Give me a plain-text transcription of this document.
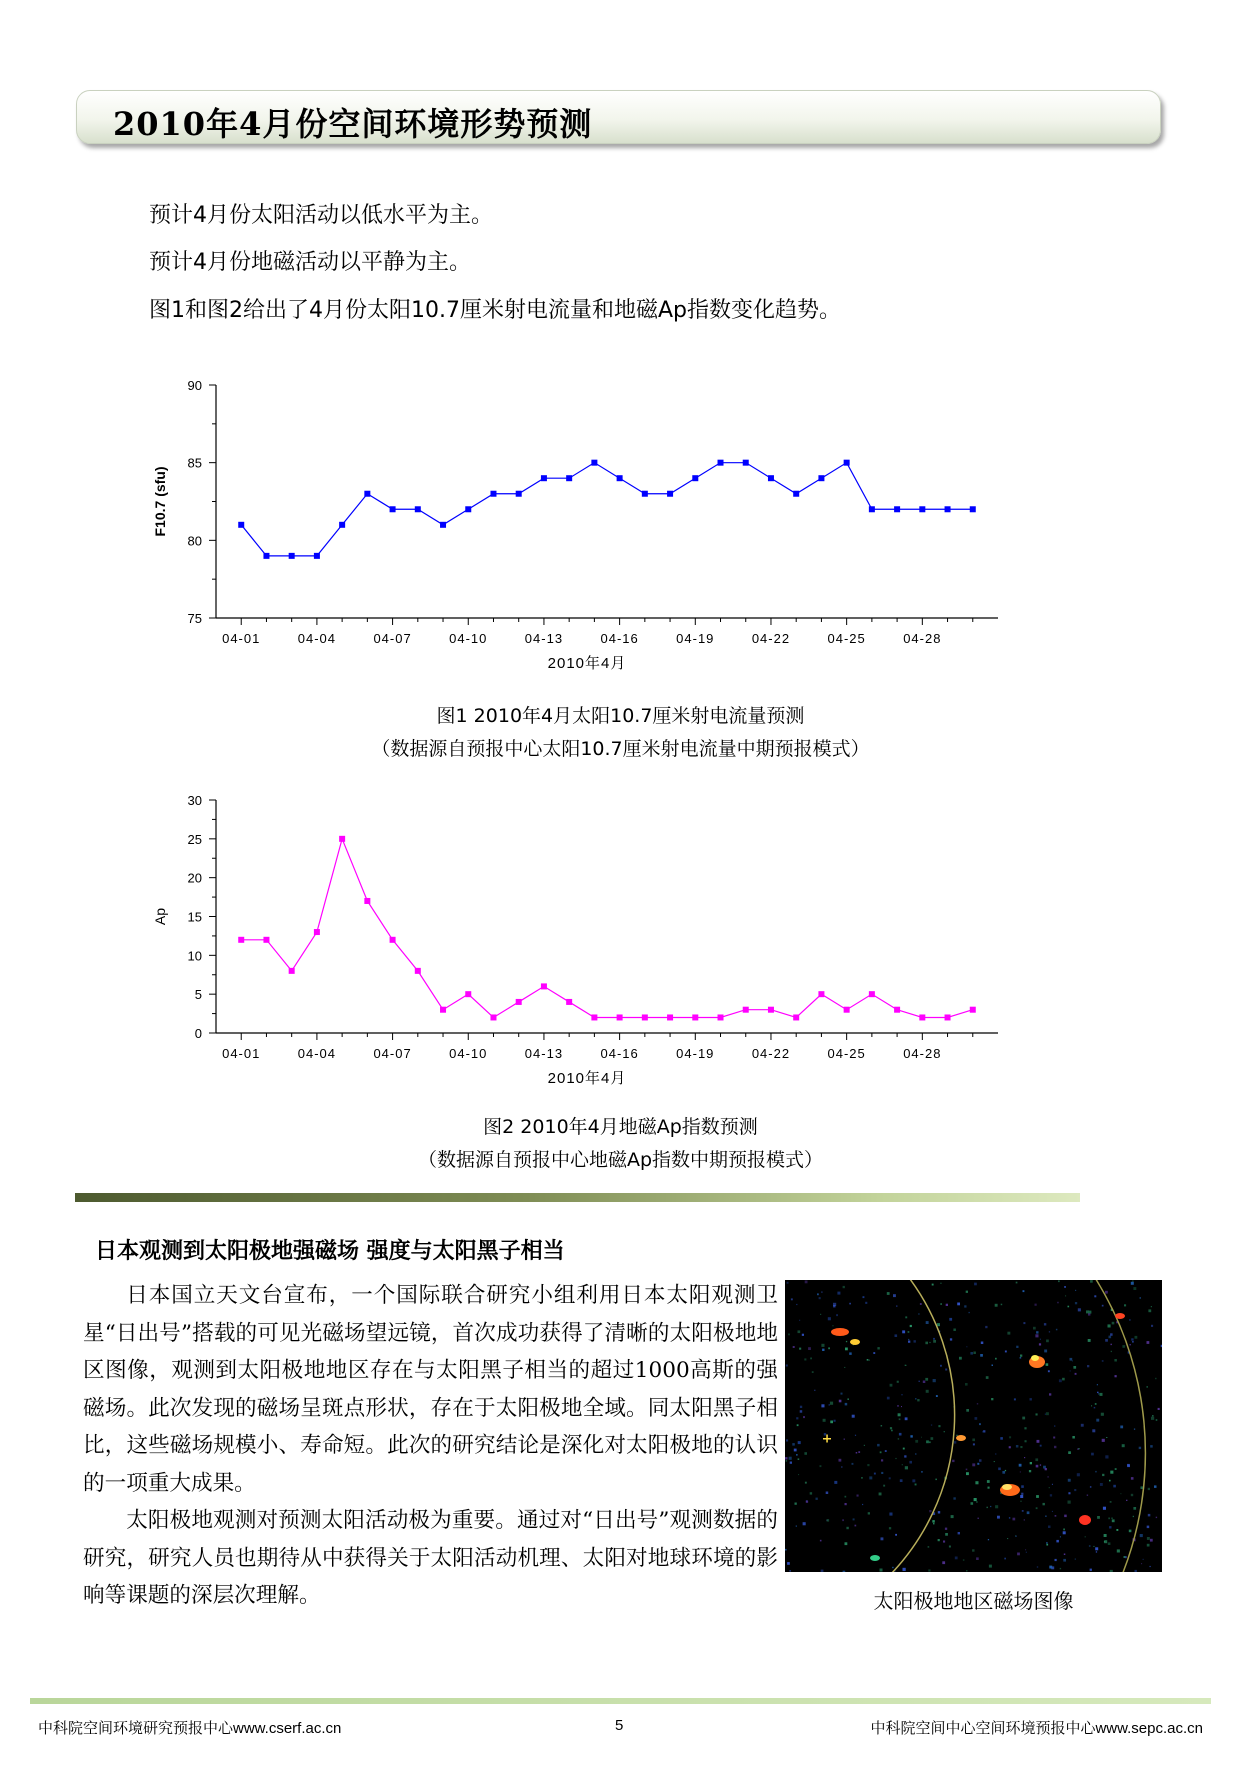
2010年4月份空间环境形势预测
预计4月份太阳活动以低水平为主。
预计4月份地磁活动以平静为主。
图1和图2给出了4月份太阳10.7厘米射电流量和地磁Ap指数变化趋势。
75
80
85
90
04-01	04-04	04-07	04-10	04-13	04-16	04-19	04-22	04-25	04-28
2010年4月
F10.7 (sfu)
图1 2010年4月太阳10.7厘米射电流量预测
（数据源自预报中心太阳10.7厘米射电流量中期预报模式）
0
5
10
15
20
25
30
04-01	04-04	04-07	04-10	04-13	04-16	04-19	04-22	04-25	04-28
2010年4月
Ap
图2 2010年4月地磁Ap指数预测
（数据源自预报中心地磁Ap指数中期预报模式）
日本观测到太阳极地强磁场 强度与太阳黑子相当

日本国立天文台宣布，一个国际联合研究小组利用日本太阳观测卫星“日出号”搭载的可见光磁场望远镜，首次成功获得了清晰的太阳极地地区图像，观测到太阳极地地区存在与太阳黑子相当的超过1000高斯的强磁场。此次发现的磁场呈斑点形状，存在于太阳极地全域。同太阳黑子相比，这些磁场规模小、寿命短。此次的研究结论是深化对太阳极地的认识的一项重大成果。

太阳极地观测对预测太阳活动极为重要。通过对“日出号”观测数据的研究，研究人员也期待从中获得关于太阳活动机理、太阳对地球环境的影响等课题的深层次理解。	太阳极地地区磁场图像
中科院空间环境研究预报中心www.cserf.ac.cn	5	中科院空间中心空间环境预报中心www.sepc.ac.cn
